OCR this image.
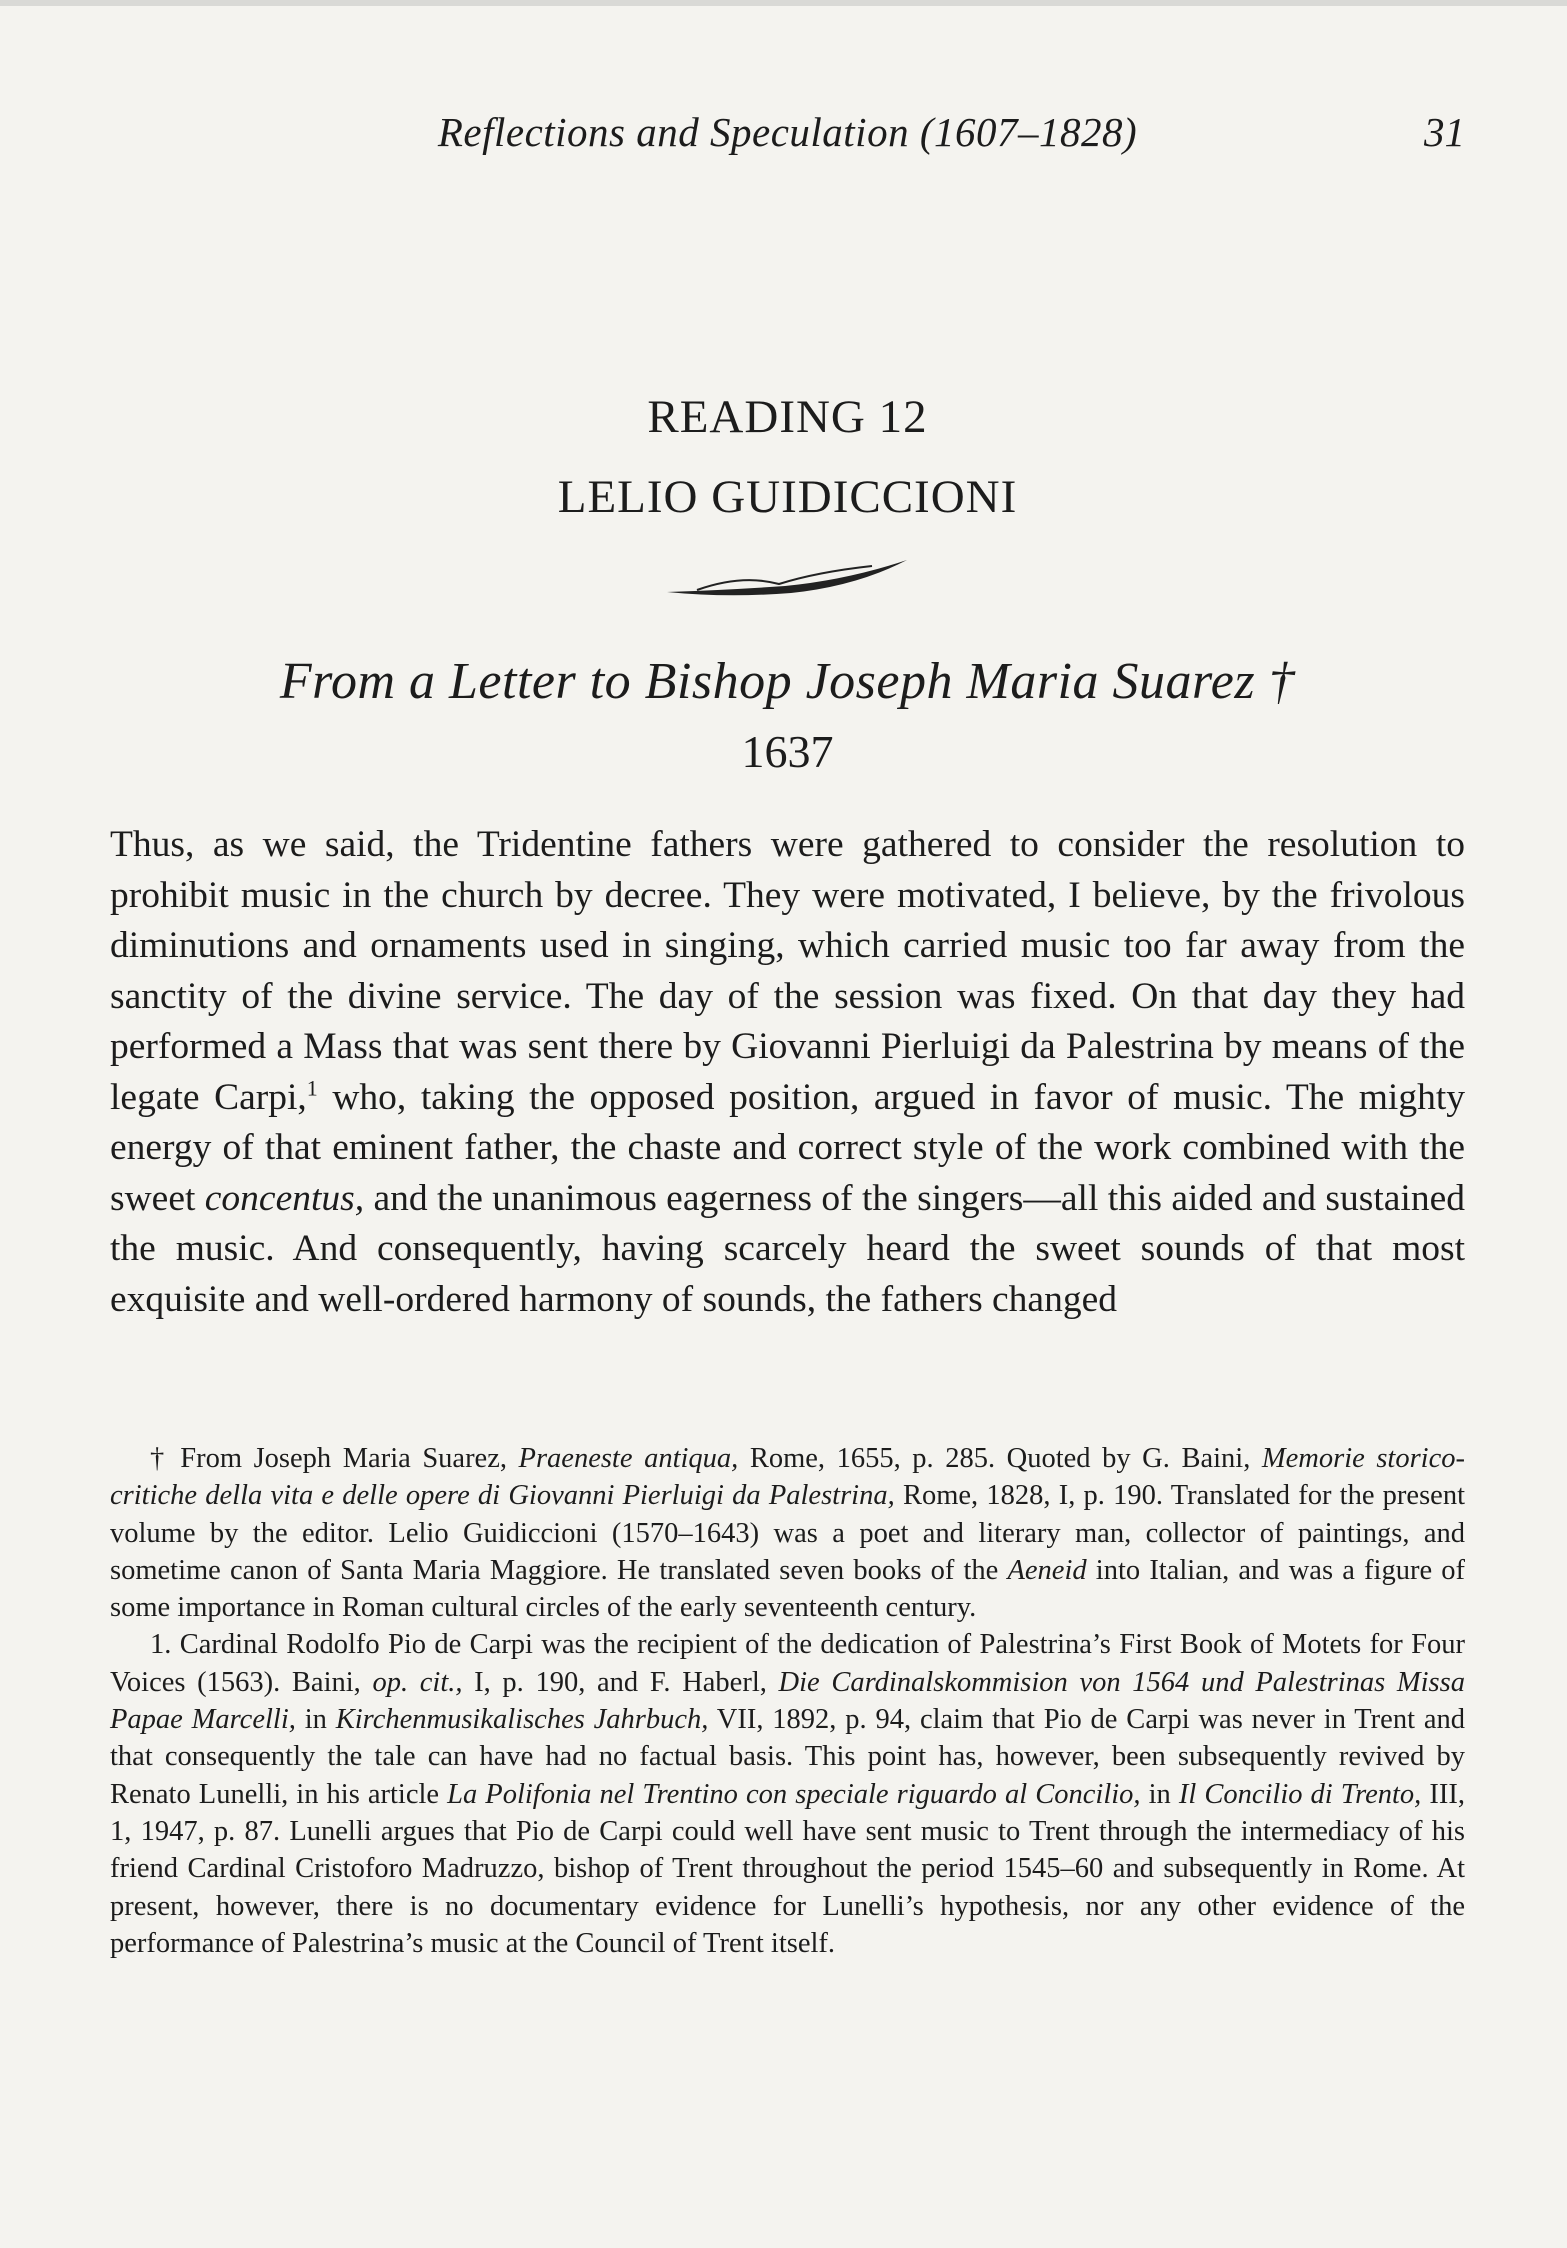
Reflections and Speculation (1607–1828)	31
READING 12
LELIO GUIDICCIONI
From a Letter to Bishop Joseph Maria Suarez †
1637
Thus, as we said, the Tridentine fathers were gathered to consider the resolution to prohibit music in the church by decree. They were motivated, I believe, by the frivolous diminutions and ornaments used in singing, which carried music too far away from the sanctity of the divine service. The day of the session was fixed. On that day they had performed a Mass that was sent there by Giovanni Pierluigi da Palestrina by means of the legate Carpi,$^1$ who, taking the opposed position, argued in favor of music. The mighty energy of that eminent father, the chaste and correct style of the work combined with the sweet concentus, and the unanimous eagerness of the singers—all this aided and sustained the music. And consequently, having scarcely heard the sweet sounds of that most exquisite and well-ordered harmony of sounds, the fathers changed

† From Joseph Maria Suarez, Praeneste antiqua, Rome, 1655, p. 285. Quoted by G. Baini, Memorie storico-critiche della vita e delle opere di Giovanni Pierluigi da Palestrina, Rome, 1828, I, p. 190. Translated for the present volume by the editor. Lelio Guidiccioni (1570–1643) was a poet and literary man, collector of paintings, and sometime canon of Santa Maria Maggiore. He translated seven books of the Aeneid into Italian, and was a figure of some importance in Roman cultural circles of the early seventeenth century.

1. Cardinal Rodolfo Pio de Carpi was the recipient of the dedication of Palestrina’s First Book of Motets for Four Voices (1563). Baini, op. cit., I, p. 190, and F. Haberl, Die Cardinalskommision von 1564 und Palestrinas Missa Papae Marcelli, in Kirchenmusikalisches Jahrbuch, VII, 1892, p. 94, claim that Pio de Carpi was never in Trent and that consequently the tale can have had no factual basis. This point has, however, been subsequently revived by Renato Lunelli, in his article La Polifonia nel Trentino con speciale riguardo al Concilio, in Il Concilio di Trento, III, 1, 1947, p. 87. Lunelli argues that Pio de Carpi could well have sent music to Trent through the intermediacy of his friend Cardinal Cristoforo Madruzzo, bishop of Trent throughout the period 1545–60 and subsequently in Rome. At present, however, there is no documentary evidence for Lunelli’s hypothesis, nor any other evidence of the performance of Palestrina’s music at the Council of Trent itself.
